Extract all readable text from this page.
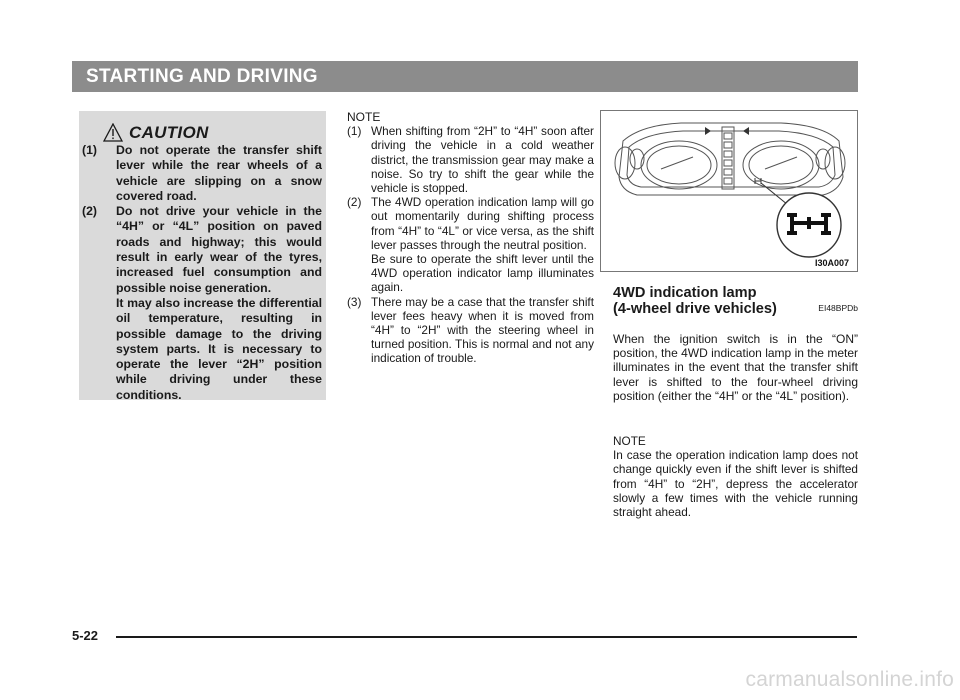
STARTING AND DRIVING
CAUTION
(1)	Do not operate the transfer shift lever while the rear wheels of a vehicle are slipping on a snow covered road.
(2)	Do not drive your vehicle in the “4H” or “4L” position on paved roads and highway; this would result in early wear of the tyres, increased fuel consumption and possible noise generation.
It may also increase the differential oil temperature, resulting in possible damage to the driving system parts. It is necessary to operate the lever “2H” position while driving under these conditions.
NOTE
(1) When shifting from “2H” to “4H” soon after driving the vehicle in a cold weather district, the transmission gear may make a noise. So try to shift the gear while the vehicle is stopped.
(2) The 4WD operation indication lamp will go out momentarily during shifting process from “4H” to “4L” or vice versa, as the shift lever passes through the neutral position.
Be sure to operate the shift lever until the 4WD operation indicator lamp illuminates again.
(3) There may be a case that the transfer shift lever fees heavy when it is moved from “4H” to “2H” with the steering wheel in turned position. This is normal and not any indication of trouble.
I30A007
4WD indication lamp
(4-wheel drive vehicles)	EI48BPDb
When the ignition switch is in the “ON” position, the 4WD indication lamp in the meter illuminates in the event that the transfer shift lever is shifted to the four-wheel driving position (either the “4H” or the “4L” position).
NOTE
In case the operation indication lamp does not change quickly even if the shift lever is shifted from “4H” to “2H”, depress the accelerator slowly a few times with the vehicle running straight ahead.
5-22
carmanualsonline.info
